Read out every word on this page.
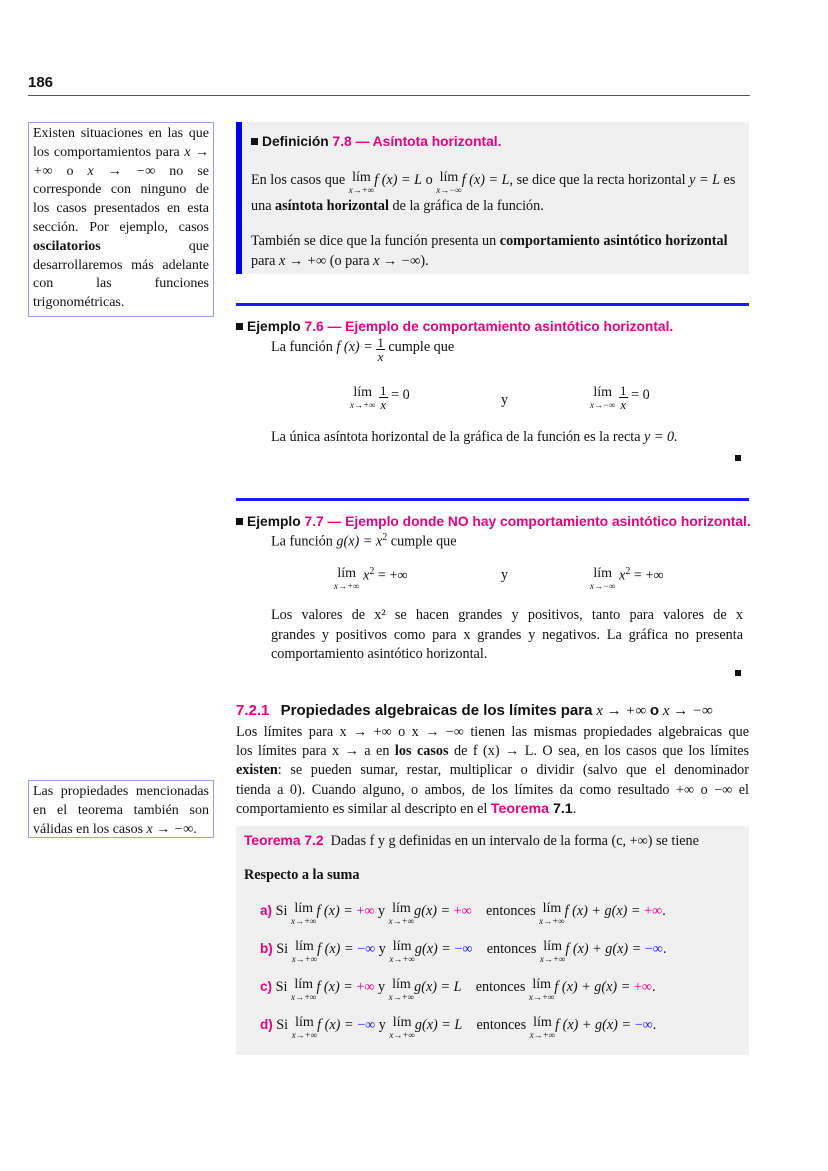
186
Existen situaciones en las que los comportamientos para x → +∞ o x → −∞ no se corresponde con ninguno de los casos presentados en esta sección. Por ejemplo, casos oscilatorios que desarrollaremos más adelante con las funciones trigonométricas.
Definición 7.8 — Asíntota horizontal.

En los casos que lím
x→+∞
f (x) = L o lím
x→−∞
f (x) = L, se dice que la recta horizontal y = L es una asíntota horizontal de la gráfica de la función.

También se dice que la función presenta un comportamiento asintótico horizontal para x → +∞ (o para x → −∞).

Ejemplo 7.6 — Ejemplo de comportamiento asintótico horizontal.
La función f $(x) = \frac{1}{x}$ cumple que
lím
x→+∞
$\frac{1}{x} = 0$	y	lím
x→−∞
$\frac{1}{x} = 0$
La única asíntota horizontal de la gráfica de la función es la recta y = 0.
Ejemplo 7.7 — Ejemplo donde NO hay comportamiento asintótico horizontal.
La función $g(x) = x^2$ cumple que
lím
x→+∞
$x^2$ = +∞	y	lím
x→−∞
$x^2$ = +∞
Los valores de x² se hacen grandes y positivos, tanto para valores de x
grandes y positivos como para x grandes y negativos. La gráfica no presenta
comportamiento asintótico horizontal.
7.2.1 Propiedades algebraicas de los límites para x → +∞ o x → −∞
Los límites para x → +∞ o x → −∞ tienen las mismas propiedades algebraicas que
los límites para x → a en los casos de f (x) → L. O sea, en los casos que los límites
existen: se pueden sumar, restar, multiplicar o dividir (salvo que el denominador
tienda a 0). Cuando alguno, o ambos, de los límites da como resultado +∞ o −∞ el
comportamiento es similar al descripto en el Teorema 7.1.
Las propiedades mencionadas en el teorema también son válidas en los casos x → −∞.
Teorema 7.2 Dadas f y g definidas en un intervalo de la forma (c, +∞) se tiene
Respecto a la suma
a) Si lím
x→+∞
f (x) = +∞ y lím
x→+∞
g(x) = +∞ entonces lím
x→+∞
f (x) + g(x) = +∞.
b) Si lím
x→+∞
f (x) = −∞ y lím
x→+∞
g(x) = −∞ entonces lím
x→+∞
f (x) + g(x) = −∞.
c) Si lím
x→+∞
f (x) = +∞ y lím
x→+∞
g(x) = L entonces lím
x→+∞
f (x) + g(x) = +∞.
d) Si lím
x→+∞
f (x) = −∞ y lím
x→+∞
g(x) = L entonces lím
x→+∞
f (x) + g(x) = −∞.
